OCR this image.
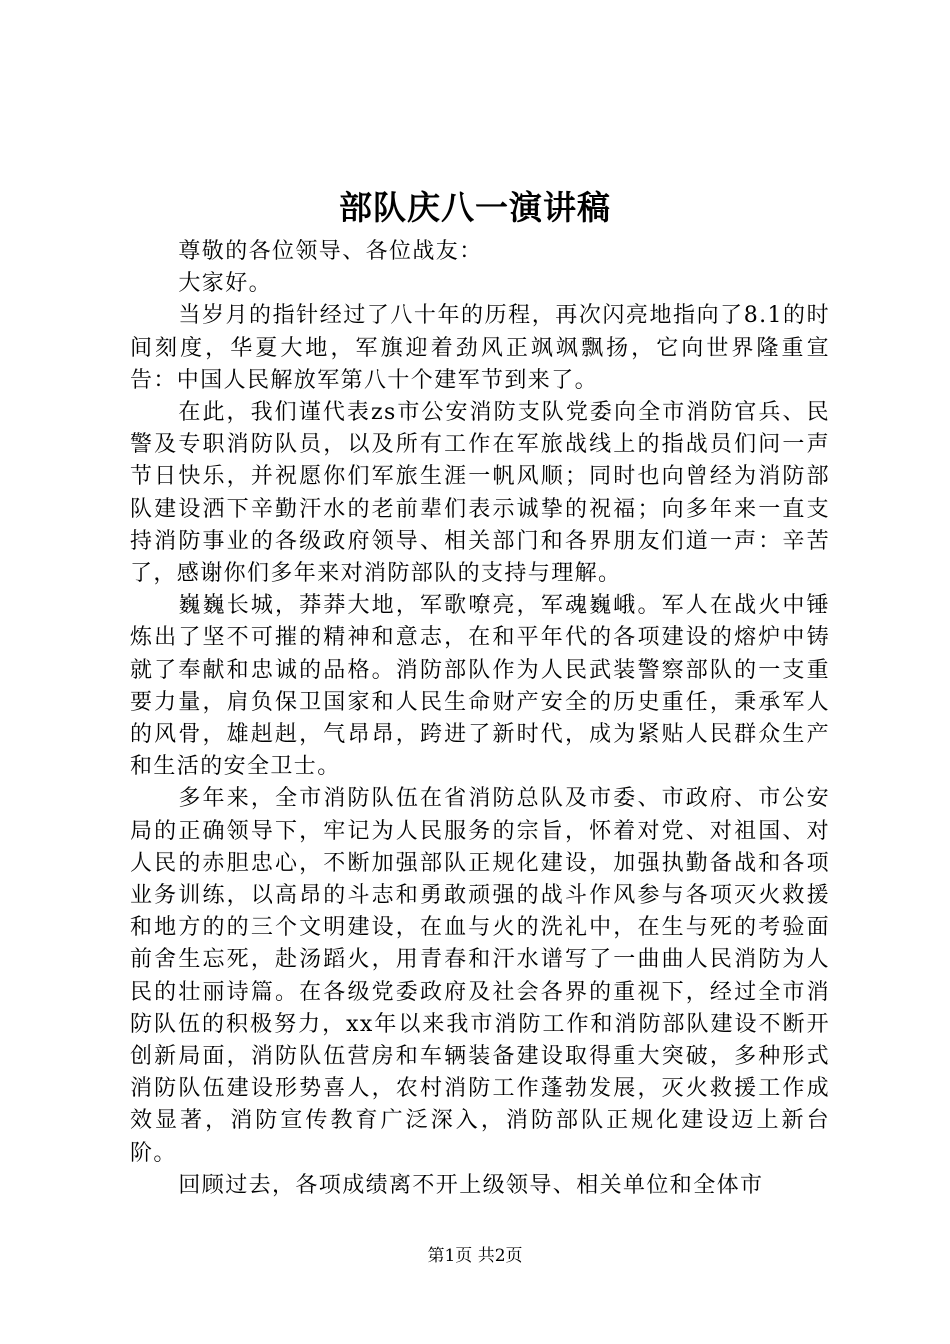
部队庆八一演讲稿

尊敬的各位领导、各位战友：

大家好。

当岁月的指针经过了八十年的历程，再次闪亮地指向了8.1的时间刻度，华夏大地，军旗迎着劲风正飒飒飘扬，它向世界隆重宣告：中国人民解放军第八十个建军节到来了。

在此，我们谨代表zs市公安消防支队党委向全市消防官兵、民警及专职消防队员，以及所有工作在军旅战线上的指战员们问一声节日快乐，并祝愿你们军旅生涯一帆风顺；同时也向曾经为消防部队建设洒下辛勤汗水的老前辈们表示诚挚的祝福；向多年来一直支持消防事业的各级政府领导、相关部门和各界朋友们道一声：辛苦了，感谢你们多年来对消防部队的支持与理解。

巍巍长城，莽莽大地，军歌嘹亮，军魂巍峨。军人在战火中锤炼出了坚不可摧的精神和意志，在和平年代的各项建设的熔炉中铸就了奉献和忠诚的品格。消防部队作为人民武装警察部队的一支重要力量，肩负保卫国家和人民生命财产安全的历史重任，秉承军人的风骨，雄赳赳，气昂昂，跨进了新时代，成为紧贴人民群众生产和生活的安全卫士。

多年来，全市消防队伍在省消防总队及市委、市政府、市公安局的正确领导下，牢记为人民服务的宗旨，怀着对党、对祖国、对人民的赤胆忠心，不断加强部队正规化建设，加强执勤备战和各项业务训练，以高昂的斗志和勇敢顽强的战斗作风参与各项灭火救援和地方的的三个文明建设，在血与火的洗礼中，在生与死的考验面前舍生忘死，赴汤蹈火，用青春和汗水谱写了一曲曲人民消防为人民的壮丽诗篇。在各级党委政府及社会各界的重视下，经过全市消防队伍的积极努力，xx年以来我市消防工作和消防部队建设不断开创新局面，消防队伍营房和车辆装备建设取得重大突破，多种形式消防队伍建设形势喜人，农村消防工作蓬勃发展，灭火救援工作成效显著，消防宣传教育广泛深入，消防部队正规化建设迈上新台阶。

回顾过去，各项成绩离不开上级领导、相关单位和全体市

第1页 共2页
